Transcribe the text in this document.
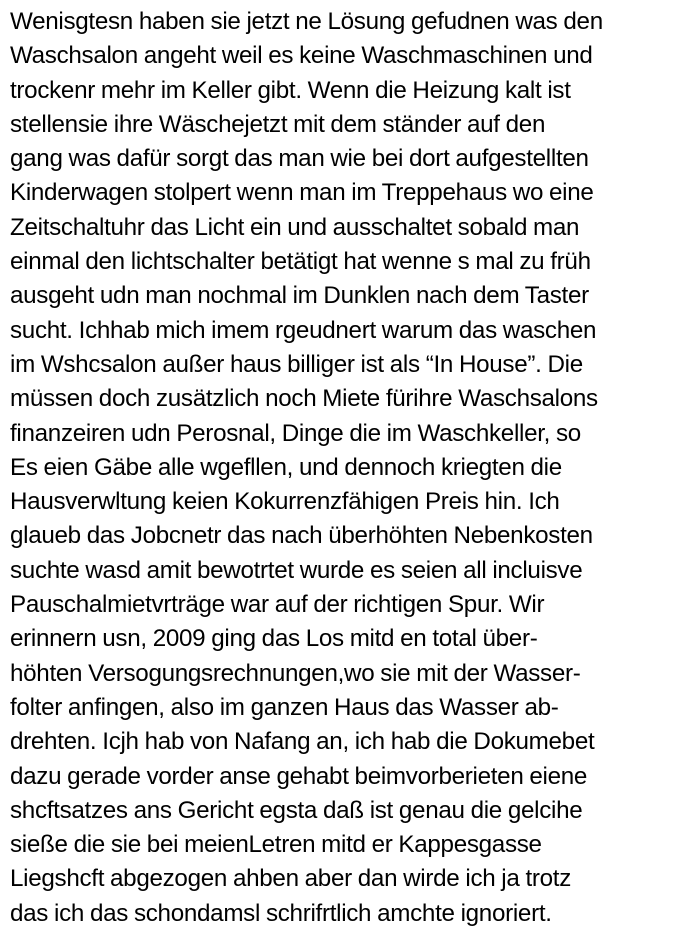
Wenisgtesn haben sie jetzt ne Lösung gefudnen was den
Waschsalon angeht weil es keine Waschmaschinen und
trockenr mehr im Keller gibt. Wenn die Heizung kalt ist
stellensie ihre Wäschejetzt mit dem ständer auf den
gang was dafür sorgt das man wie bei dort aufgestellten
Kinderwagen stolpert wenn man im Treppehaus wo eine
Zeitschaltuhr das Licht ein und ausschaltet sobald man
einmal den lichtschalter betätigt hat wenne s mal zu früh
ausgeht udn man nochmal im Dunklen nach dem Taster
sucht. Ichhab mich imem rgeudnert warum das waschen
im Wshcsalon außer haus billiger ist als “In House”. Die
müssen doch zusätzlich noch Miete fürihre Waschsalons
finanzeiren udn Perosnal, Dinge die im Waschkeller, so
Es eien Gäbe alle wgefllen, und dennoch kriegten die
Hausverwltung keien Kokurrenzfähigen Preis hin. Ich
glaueb das Jobcnetr das nach überhöhten Nebenkosten
suchte wasd amit bewotrtet wurde es seien all incluisve
Pauschalmietvrträge war auf der richtigen Spur. Wir
erinnern usn, 2009 ging das Los mitd en total über-
höhten Versogungsrechnungen,wo sie mit der Wasser-
folter anfingen, also im ganzen Haus das Wasser ab-
drehten. Icjh hab von Nafang an, ich hab die Dokumebet
dazu gerade vorder anse gehabt beimvorberieten eiene
shcftsatzes ans Gericht egsta daß ist genau die gelcihe
sieße die sie bei meienLetren mitd er Kappesgasse
Liegshcft abgezogen ahben aber dan wirde ich ja trotz
das ich das schondamsl schrifrtlich amchte ignoriert.
